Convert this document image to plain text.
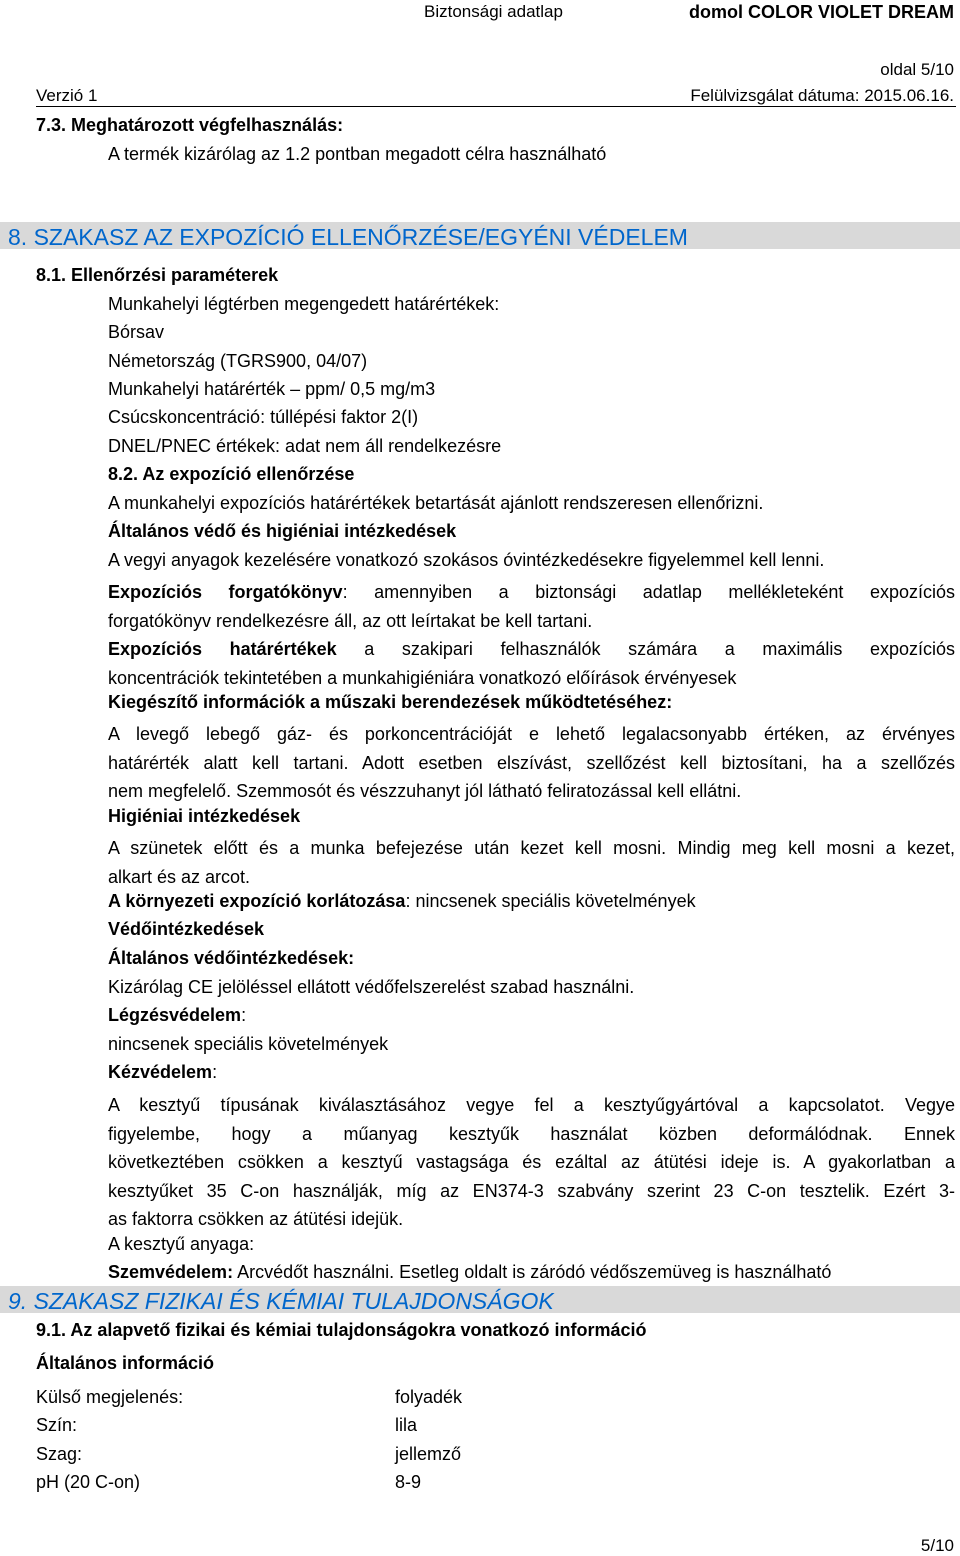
Biztonsági adatlap	domol COLOR VIOLET DREAM
oldal 5/10
Verzió 1	Felülvizsgálat dátuma: 2015.06.16.
7.3. Meghatározott végfelhasználás:
A termék kizárólag az 1.2 pontban megadott célra használható
8. SZAKASZ AZ EXPOZÍCIÓ ELLENŐRZÉSE/EGYÉNI VÉDELEM
8.1. Ellenőrzési paraméterek
Munkahelyi légtérben megengedett határértékek:
Bórsav
Németország (TGRS900, 04/07)
Munkahelyi határérték – ppm/ 0,5 mg/m3
Csúcskoncentráció: túllépési faktor 2(I)
DNEL/PNEC értékek: adat nem áll rendelkezésre
8.2. Az expozíció ellenőrzése
A munkahelyi expozíciós határértékek betartását ajánlott rendszeresen ellenőrizni.
Általános védő és higiéniai intézkedések
A vegyi anyagok kezelésére vonatkozó szokásos óvintézkedésekre figyelemmel kell lenni.
Expozíciós forgatókönyv: amennyiben a biztonsági adatlap mellékleteként expozíciós
forgatókönyv rendelkezésre áll, az ott leírtakat be kell tartani.
Expozíciós határértékek a szakipari felhasználók számára a maximális expozíciós
koncentrációk tekintetében a munkahigiéniára vonatkozó előírások érvényesek
Kiegészítő információk a műszaki berendezések működtetéséhez:
A levegő lebegő gáz- és porkoncentrációját e lehető legalacsonyabb értéken, az érvényes
határérték alatt kell tartani. Adott esetben elszívást, szellőzést kell biztosítani, ha a szellőzés
nem megfelelő. Szemmosót és vészzuhanyt jól látható feliratozással kell ellátni.
Higiéniai intézkedések
A szünetek előtt és a munka befejezése után kezet kell mosni. Mindig meg kell mosni a kezet,
alkart és az arcot.
A környezeti expozíció korlátozása: nincsenek speciális követelmények
Védőintézkedések
Általános védőintézkedések:
Kizárólag CE jelöléssel ellátott védőfelszerelést szabad használni.
Légzésvédelem:
nincsenek speciális követelmények
Kézvédelem:
A kesztyű típusának kiválasztásához vegye fel a kesztyűgyártóval a kapcsolatot. Vegye
figyelembe, hogy a műanyag kesztyűk használat közben deformálódnak. Ennek
következtében csökken a kesztyű vastagsága és ezáltal az átütési ideje is. A gyakorlatban a
kesztyűket 35 C-on használják, míg az EN374-3 szabvány szerint 23 C-on tesztelik. Ezért 3-
as faktorra csökken az átütési idejük.
A kesztyű anyaga:
Szemvédelem: Arcvédőt használni. Esetleg oldalt is záródó védőszemüveg is használható
9. SZAKASZ FIZIKAI ÉS KÉMIAI TULAJDONSÁGOK
9.1. Az alapvető fizikai és kémiai tulajdonságokra vonatkozó információ
Általános információ
Külső megjelenés:	folyadék
Szín:	lila
Szag:	jellemző
pH (20 C-on)	8-9
5/10
